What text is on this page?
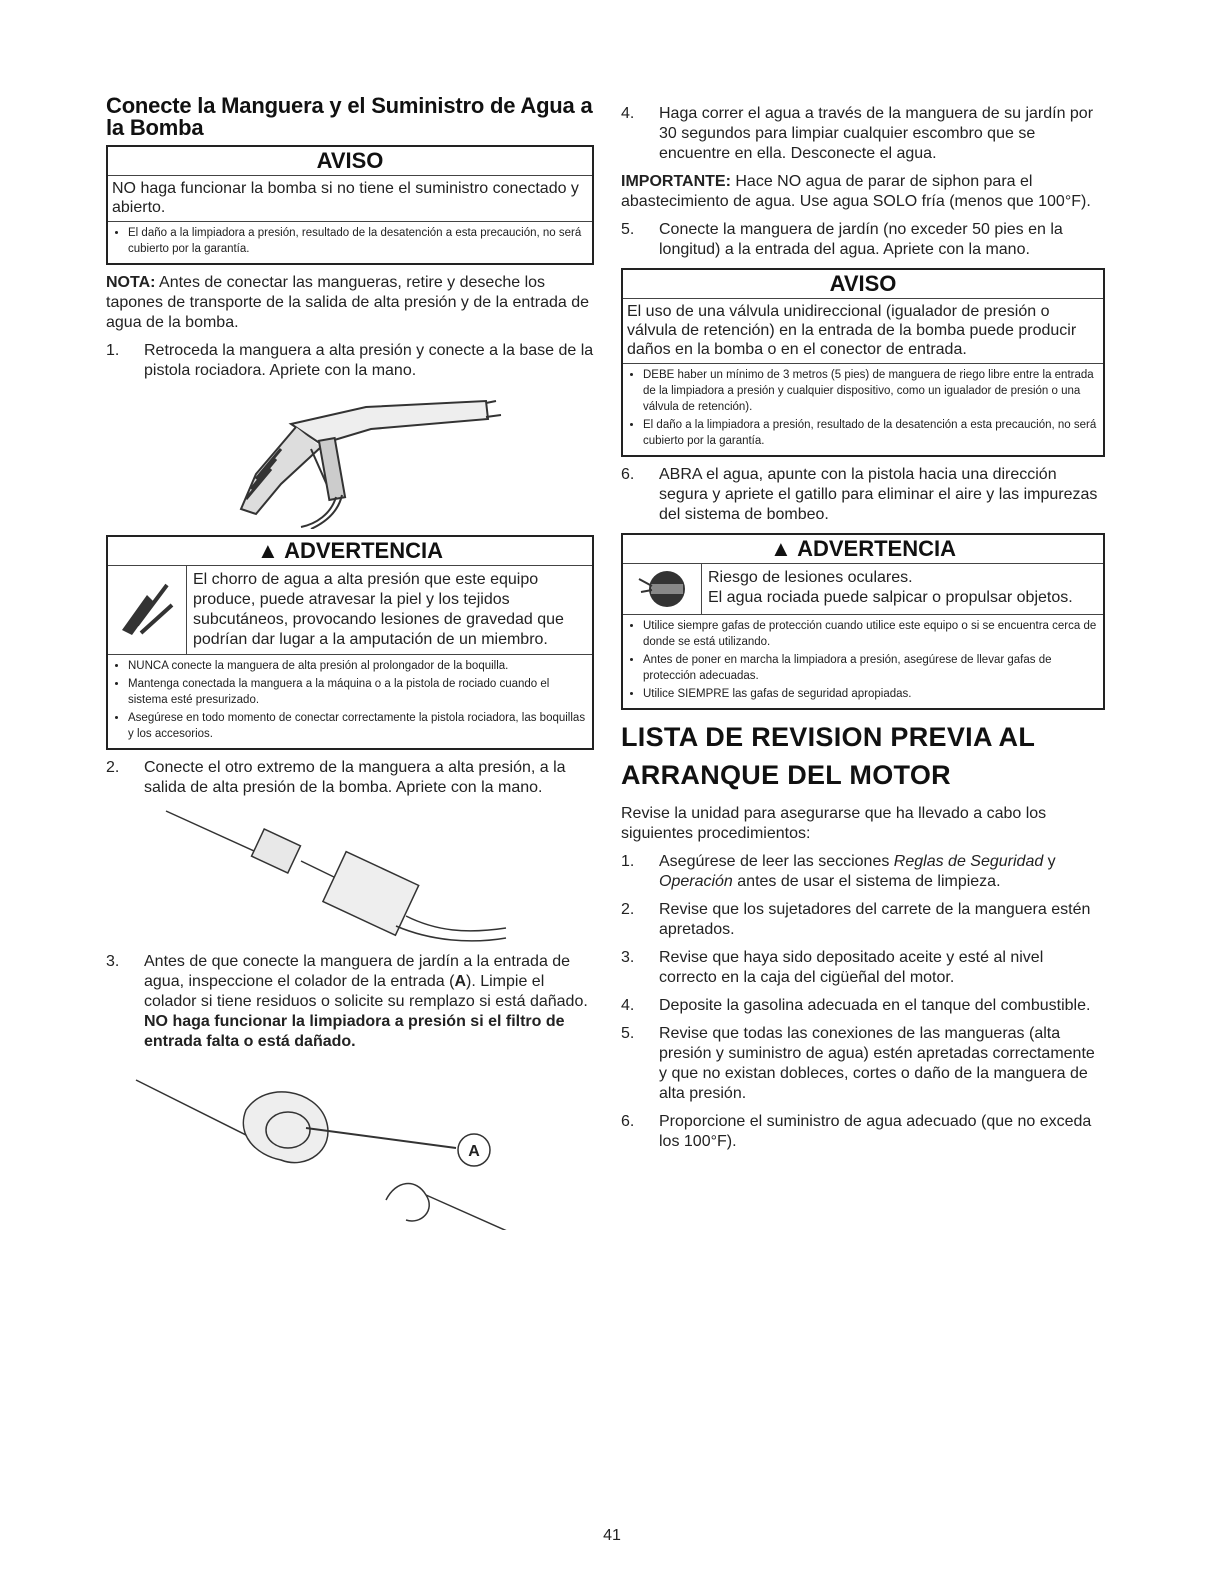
Conecte la Manguera y el Suministro de Agua a la Bomba
AVISO
NO haga funcionar la bomba si no tiene el suministro conectado y abierto.
• El daño a la limpiadora a presión, resultado de la desatención a esta precaución, no será cubierto por la garantía.

NOTA: Antes de conectar las mangueras, retire y deseche los tapones de transporte de la salida de alta presión y de la entrada de agua de la bomba.

1. Retroceda la manguera a alta presión y conecte a la base de la pistola rociadora. Apriete con la mano.
▲ ADVERTENCIA
El chorro de agua a alta presión que este equipo produce, puede atravesar la piel y los tejidos subcutáneos, provocando lesiones de gravedad que podrían dar lugar a la amputación de un miembro.
• NUNCA conecte la manguera de alta presión al prolongador de la boquilla.
• Mantenga conectada la manguera a la máquina o a la pistola de rociado cuando el sistema esté presurizado.
• Asegúrese en todo momento de conectar correctamente la pistola rociadora, las boquillas y los accesorios.
2. Conecte el otro extremo de la manguera a alta presión, a la salida de alta presión de la bomba. Apriete con la mano.
3. Antes de que conecte la manguera de jardín a la entrada de agua, inspeccione el colador de la entrada (A). Limpie el colador si tiene residuos o solicite su remplazo si está dañado. NO haga funcionar la limpiadora a presión si el filtro de entrada falta o está dañado.
A
4. Haga correr el agua a través de la manguera de su jardín por 30 segundos para limpiar cualquier escombro que se encuentre en ella. Desconecte el agua.

IMPORTANTE: Hace NO agua de parar de siphon para el abastecimiento de agua. Use agua SOLO fría (menos que 100°F).

5. Conecte la manguera de jardín (no exceder 50 pies en la longitud) a la entrada del agua. Apriete con la mano.
AVISO
El uso de una válvula unidireccional (igualador de presión o válvula de retención) en la entrada de la bomba puede producir daños en la bomba o en el conector de entrada.
• DEBE haber un mínimo de 3 metros (5 pies) de manguera de riego libre entre la entrada de la limpiadora a presión y cualquier dispositivo, como un igualador de presión o una válvula de retención).
• El daño a la limpiadora a presión, resultado de la desatención a esta precaución, no será cubierto por la garantía.
6. ABRA el agua, apunte con la pistola hacia una dirección segura y apriete el gatillo para eliminar el aire y las impurezas del sistema de bombeo.
▲ ADVERTENCIA
Riesgo de lesiones oculares.
El agua rociada puede salpicar o propulsar objetos.
• Utilice siempre gafas de protección cuando utilice este equipo o si se encuentra cerca de donde se está utilizando.
• Antes de poner en marcha la limpiadora a presión, asegúrese de llevar gafas de protección adecuadas.
• Utilice SIEMPRE las gafas de seguridad apropiadas.
LISTA DE REVISION PREVIA AL ARRANQUE DEL MOTOR

Revise la unidad para asegurarse que ha llevado a cabo los siguientes procedimientos:

1. Asegúrese de leer las secciones Reglas de Seguridad y Operación antes de usar el sistema de limpieza.
2. Revise que los sujetadores del carrete de la manguera estén apretados.
3. Revise que haya sido depositado aceite y esté al nivel correcto en la caja del cigüeñal del motor.
4. Deposite la gasolina adecuada en el tanque del combustible.
5. Revise que todas las conexiones de las mangueras (alta presión y suministro de agua) estén apretadas correctamente y que no existan dobleces, cortes o daño de la manguera de alta presión.
6. Proporcione el suministro de agua adecuado (que no exceda los 100°F).
41
